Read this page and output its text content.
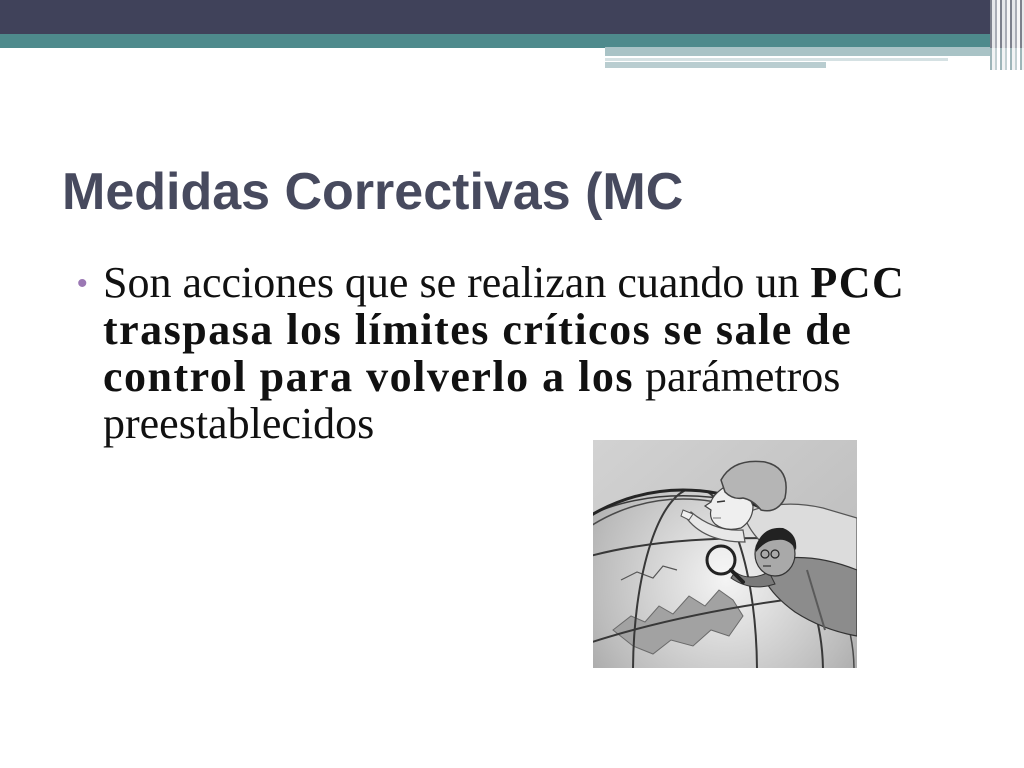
Medidas Correctivas (MC
• Son acciones que se realizan cuando un PCC
traspasa los límites críticos se sale de
control para volverlo a los parámetros
preestablecidos
